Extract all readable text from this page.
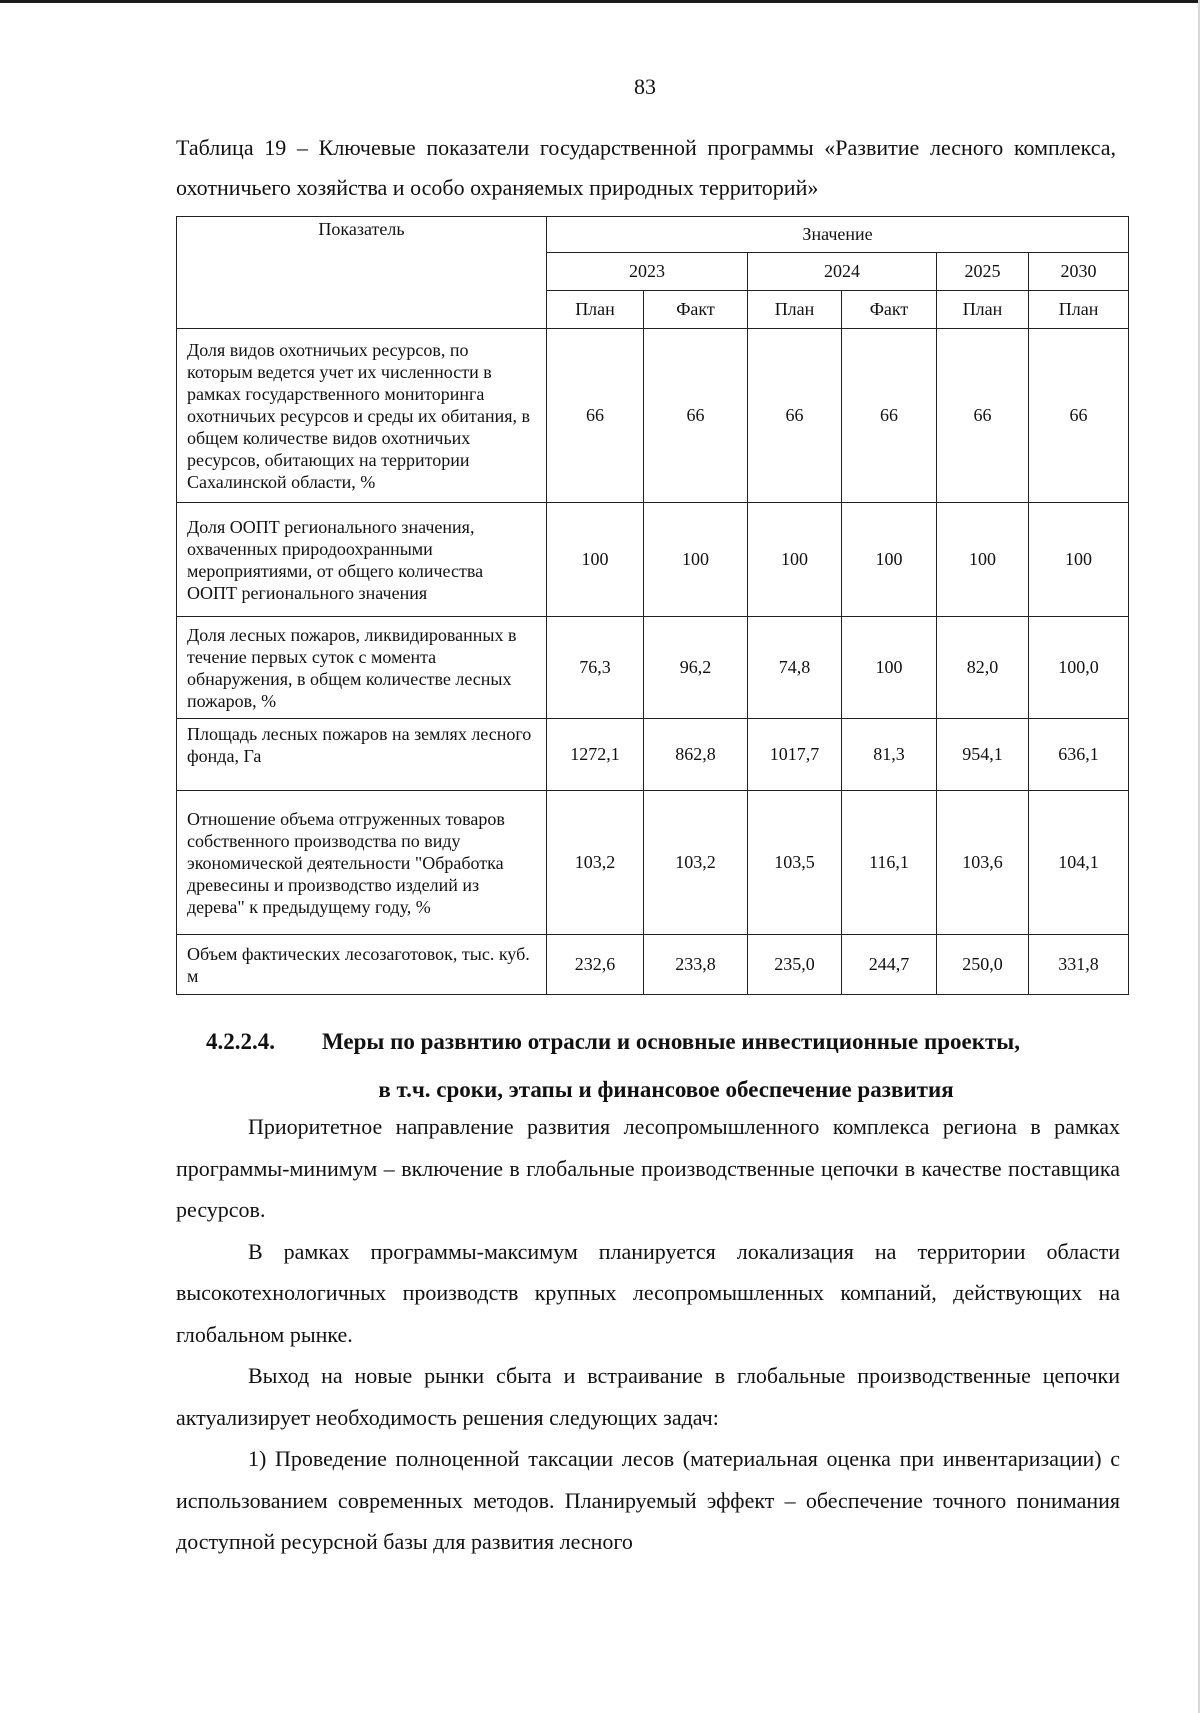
83
Таблица 19 – Ключевые показатели государственной программы «Развитие лесного комплекса, охотничьего хозяйства и особо охраняемых природных территорий»
Показатель	Значение					
	2023		2024		2025	2030
	План	Факт	План	Факт	План	План
Доля видов охотничьих ресурсов, по которым ведется учет их численности в рамках государственного мониторинга охотничьих ресурсов и среды их обитания, в общем количестве видов охотничьих ресурсов, обитающих на территории Сахалинской области, %	66	66	66	66	66	66
Доля ООПТ регионального значения, охваченных природоохранными мероприятиями, от общего количества ООПТ регионального значения	100	100	100	100	100	100
Доля лесных пожаров, ликвидированных в течение первых суток с момента обнаружения, в общем количестве лесных пожаров, %	76,3	96,2	74,8	100	82,0	100,0
Площадь лесных пожаров на землях лесного фонда, Га	1272,1	862,8	1017,7	81,3	954,1	636,1
Отношение объема отгруженных товаров собственного производства по виду экономической деятельности "Обработка древесины и производство изделий из дерева" к предыдущему году, %	103,2	103,2	103,5	116,1	103,6	104,1
Объем фактических лесозаготовок, тыс. куб. м	232,6	233,8	235,0	244,7	250,0	331,8
4.2.2.4. Меры по развнтию отрасли и основные инвестиционные проекты,
в т.ч. сроки, этапы и финансовое обеспечение развития

Приоритетное направление развития лесопромышленного комплекса региона в рамках программы-минимум – включение в глобальные производственные цепочки в качестве поставщика ресурсов.

В рамках программы-максимум планируется локализация на территории области высокотехнологичных производств крупных лесопромышленных компаний, действующих на глобальном рынке.

Выход на новые рынки сбыта и встраивание в глобальные производственные цепочки актуализирует необходимость решения следующих задач:

1) Проведение полноценной таксации лесов (материальная оценка при инвентаризации) с использованием современных методов. Планируемый эффект – обеспечение точного понимания доступной ресурсной базы для развития лесного
